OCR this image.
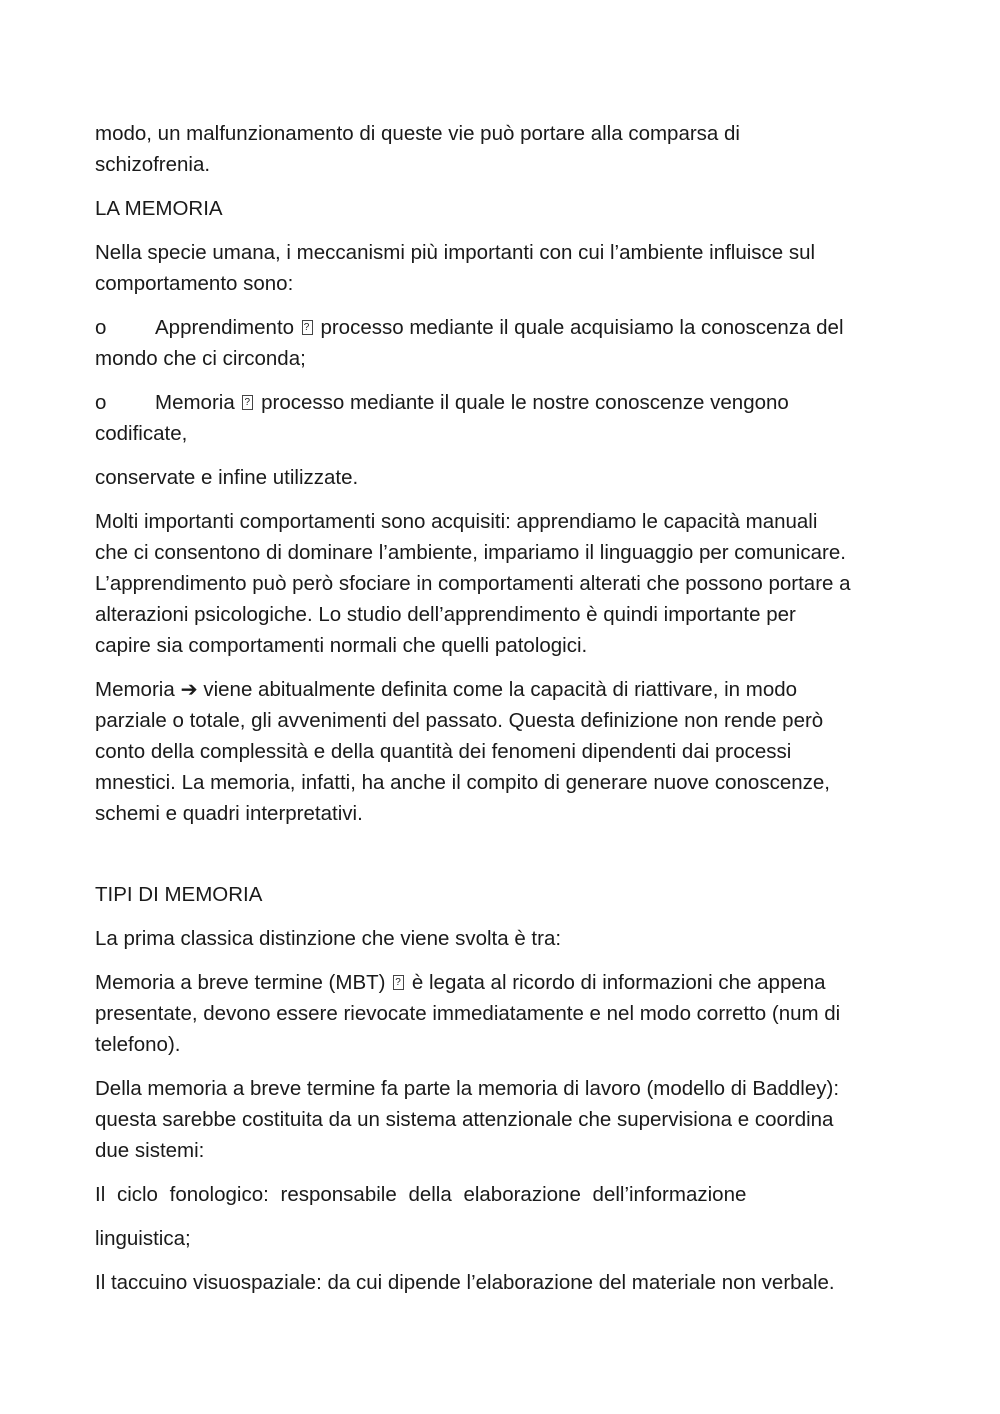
modo, un malfunzionamento di queste vie può portare alla comparsa di
schizofrenia.

LA MEMORIA

Nella specie umana, i meccanismi più importanti con cui l’ambiente influisce sul
comportamento sono:

o Apprendimento ? processo mediante il quale acquisiamo la conoscenza del
mondo che ci circonda;

o Memoria ? processo mediante il quale le nostre conoscenze vengono
codificate,

conservate e infine utilizzate.

Molti importanti comportamenti sono acquisiti: apprendiamo le capacità manuali
che ci consentono di dominare l’ambiente, impariamo il linguaggio per comunicare.
L’apprendimento può però sfociare in comportamenti alterati che possono portare a
alterazioni psicologiche. Lo studio dell’apprendimento è quindi importante per
capire sia comportamenti normali che quelli patologici.

Memoria ➔ viene abitualmente definita come la capacità di riattivare, in modo
parziale o totale, gli avvenimenti del passato. Questa definizione non rende però
conto della complessità e della quantità dei fenomeni dipendenti dai processi
mnestici. La memoria, infatti, ha anche il compito di generare nuove conoscenze,
schemi e quadri interpretativi.

TIPI DI MEMORIA

La prima classica distinzione che viene svolta è tra:

Memoria a breve termine (MBT) ? è legata al ricordo di informazioni che appena
presentate, devono essere rievocate immediatamente e nel modo corretto (num di
telefono).

Della memoria a breve termine fa parte la memoria di lavoro (modello di Baddley):
questa sarebbe costituita da un sistema attenzionale che supervisiona e coordina
due sistemi:

Il ciclo fonologico: responsabile della elaborazione dell’informazione

linguistica;

Il taccuino visuospaziale: da cui dipende l’elaborazione del materiale non verbale.
